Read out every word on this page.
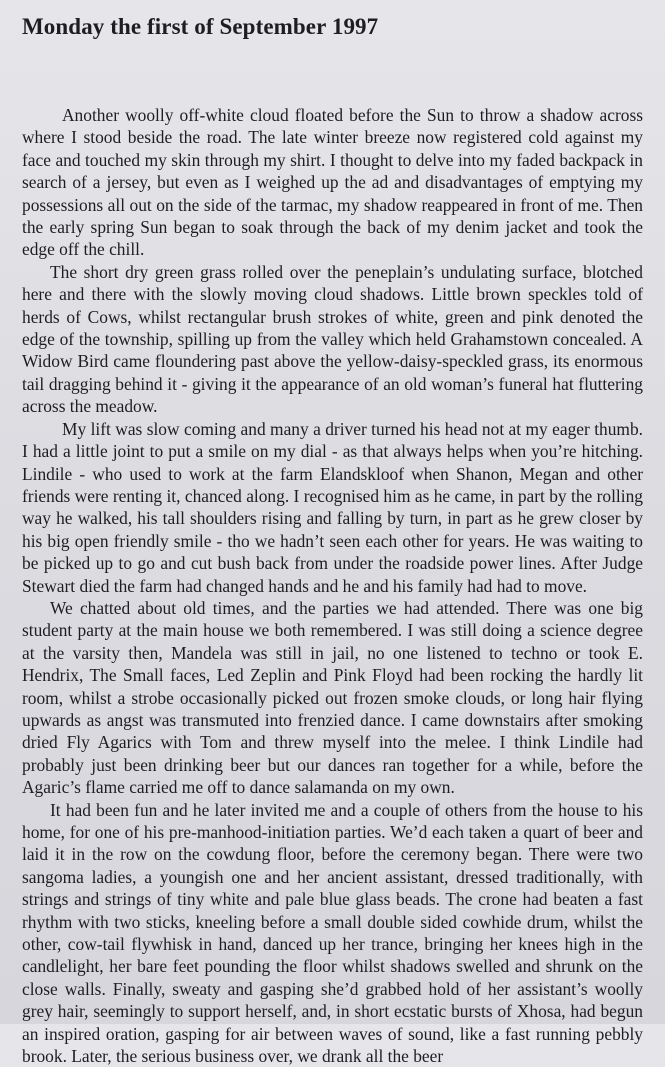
Monday the first of September 1997

Another woolly off-white cloud floated before the Sun to throw a shadow across where I stood beside the road. The late winter breeze now registered cold against my face and touched my skin through my shirt. I thought to delve into my faded backpack in search of a jersey, but even as I weighed up the ad and disadvantages of emptying my possessions all out on the side of the tarmac, my shadow reappeared in front of me. Then the early spring Sun began to soak through the back of my denim jacket and took the edge off the chill.

The short dry green grass rolled over the peneplain’s undulating surface, blotched here and there with the slowly moving cloud shadows. Little brown speckles told of herds of Cows, whilst rectangular brush strokes of white, green and pink denoted the edge of the township, spilling up from the valley which held Grahamstown concealed. A Widow Bird came floundering past above the yellow-daisy-speckled grass, its enormous tail dragging behind it - giving it the appearance of an old woman’s funeral hat fluttering across the meadow.

My lift was slow coming and many a driver turned his head not at my eager thumb. I had a little joint to put a smile on my dial - as that always helps when you’re hitching. Lindile - who used to work at the farm Elandskloof when Shanon, Megan and other friends were renting it, chanced along. I recognised him as he came, in part by the rolling way he walked, his tall shoulders rising and falling by turn, in part as he grew closer by his big open friendly smile - tho we hadn’t seen each other for years. He was waiting to be picked up to go and cut bush back from under the roadside power lines. After Judge Stewart died the farm had changed hands and he and his family had had to move.

We chatted about old times, and the parties we had attended. There was one big student party at the main house we both remembered. I was still doing a science degree at the varsity then, Mandela was still in jail, no one listened to techno or took E. Hendrix, The Small faces, Led Zeplin and Pink Floyd had been rocking the hardly lit room, whilst a strobe occasionally picked out frozen smoke clouds, or long hair flying upwards as angst was transmuted into frenzied dance. I came downstairs after smoking dried Fly Agarics with Tom and threw myself into the melee. I think Lindile had probably just been drinking beer but our dances ran together for a while, before the Agaric’s flame carried me off to dance salamanda on my own.

It had been fun and he later invited me and a couple of others from the house to his home, for one of his pre-manhood-initiation parties. We’d each taken a quart of beer and laid it in the row on the cowdung floor, before the ceremony began. There were two sangoma ladies, a youngish one and her ancient assistant, dressed traditionally, with strings and strings of tiny white and pale blue glass beads. The crone had beaten a fast rhythm with two sticks, kneeling before a small double sided cowhide drum, whilst the other, cow-tail flywhisk in hand, danced up her trance, bringing her knees high in the candlelight, her bare feet pounding the floor whilst shadows swelled and shrunk on the close walls. Finally, sweaty and gasping she’d grabbed hold of her assistant’s woolly grey hair, seemingly to support herself, and, in short ecstatic bursts of Xhosa, had begun an inspired oration, gasping for air between waves of sound, like a fast running pebbly brook. Later, the serious business over, we drank all the beer
